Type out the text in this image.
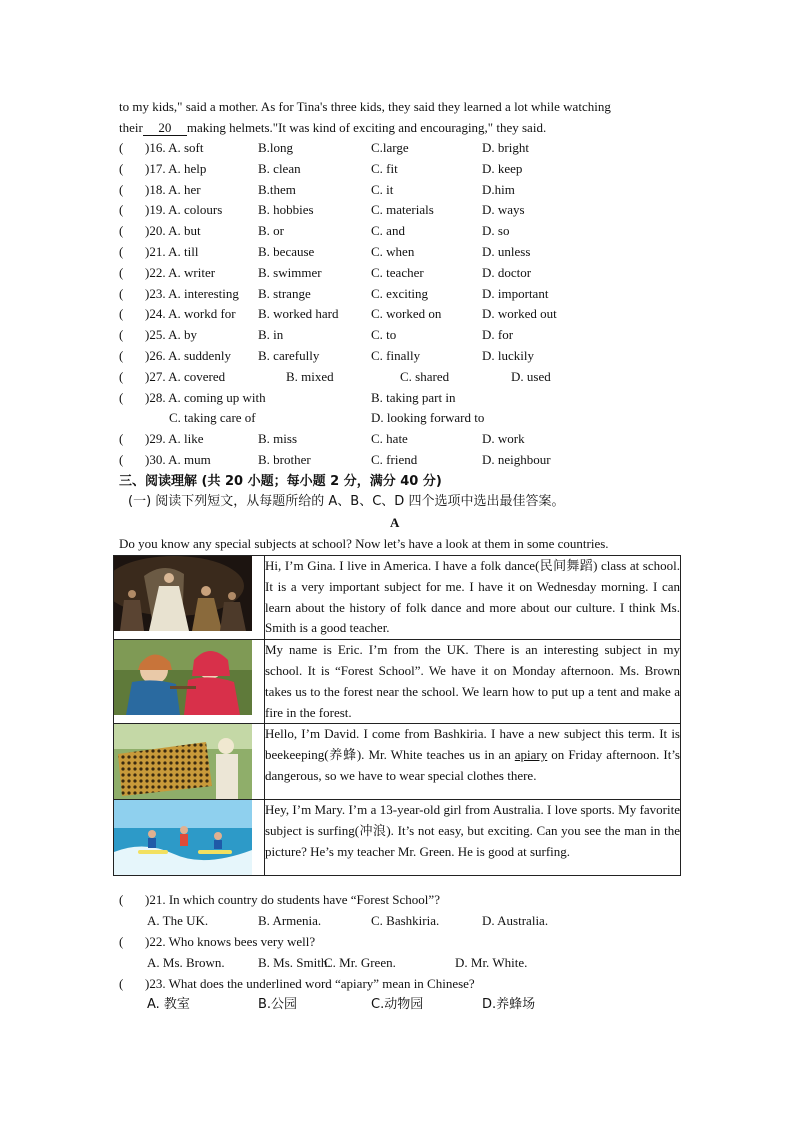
to my kids," said a mother. As for Tina's three kids, they said they learned a lot while watching
their 20 making helmets."It was kind of exciting and encouraging," they said.
( )16. A. soft	B.long	C.large	D. bright
( )17. A. help	B. clean	C. fit	D. keep
( )18. A. her	B.them	C. it	D.him
( )19. A. colours	B. hobbies	C. materials	D. ways
( )20. A. but	B. or	C. and	D. so
( )21. A. till	B. because	C. when	D. unless
( )22. A. writer	B. swimmer	C. teacher	D. doctor
( )23. A. interesting B. strange	C. exciting	D. important
( )24. A. workd for B. worked hard C. worked on	D. worked out
( )25. A. by	B. in	C. to	D. for
( )26. A. suddenly B. carefully	C. finally	D. luckily
( )27. A. covered	B. mixed	C. shared	D. used
( )28. A. coming up with	B. taking part in
C. taking care of	D. looking forward to
( )29. A. like	B. miss	C. hate	D. work
( )30. A. mum	B. brother	C. friend	D. neighbour
三、阅读理解 (共 20 小题；每小题 2 分，满分 40 分)
(一) 阅读下列短文，从每题所给的 A、B、C、D 四个选项中选出最佳答案。
A
Do you know any special subjects at school? Now let’s have a look at them in some countries.
	Hi, I’m Gina. I live in America. I have a folk dance(民间舞蹈) class at school. It is a very important subject for me. I have it on Wednesday morning. I can learn about the history of folk dance and more about our culture. I think Ms. Smith is a good teacher.

	My name is Eric. I’m from the UK. There is an interesting subject in my school. It is “Forest School”. We have it on Monday afternoon. Ms. Brown takes us to the forest near the school. We learn how to put up a tent and make a fire in the forest.

	Hello, I’m David. I come from Bashkiria. I have a new subject this term. It is beekeeping(养蜂). Mr. White teaches us in an apiary on Friday afternoon. It’s dangerous, so we have to wear special clothes there.

	Hey, I’m Mary. I’m a 13-year-old girl from Australia. I love sports. My favorite subject is surfing(冲浪). It’s not easy, but exciting. Can you see the man in the picture? He’s my teacher Mr. Green. He is good at surfing.
( )21. In which country do students have “Forest School”?
A. The UK.	B. Armenia.	C. Bashkiria.	D. Australia.
( )22. Who knows bees very well?
A. Ms. Brown.	B. Ms. Smith.
C. Mr. Green.	D. Mr. White.
( )23. What does the underlined word “apiary” mean in Chinese?
A. 教室	B.公园	C.动物园	D.养蜂场
